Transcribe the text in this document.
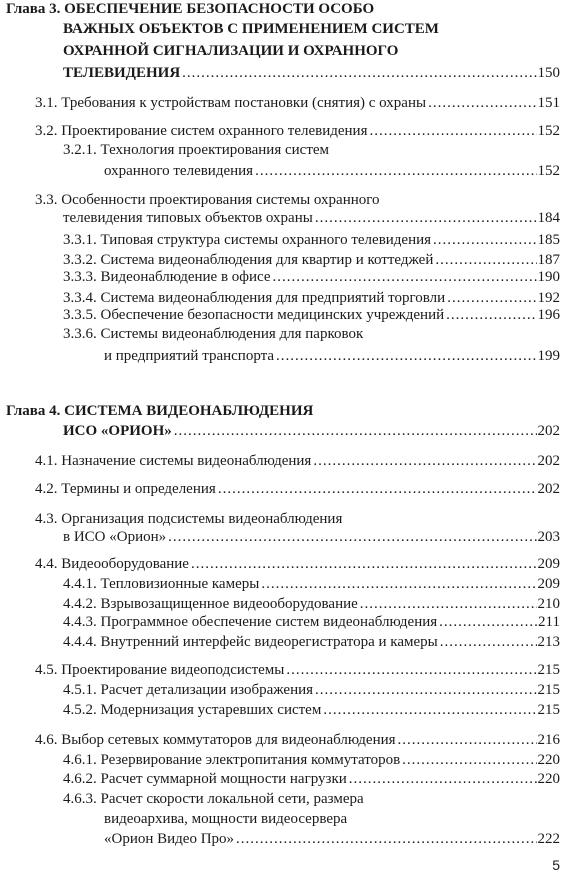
Глава 3. ОБЕСПЕЧЕНИЕ БЕЗОПАСНОСТИ ОСОБО
ВАЖНЫХ ОБЪЕКТОВ С ПРИМЕНЕНИЕМ СИСТЕМ
ОХРАННОЙ СИГНАЛИЗАЦИИ И ОХРАННОГО
ТЕЛЕВИДЕНИЯ .....	150
3.1. Требования к устройствам постановки (снятия) с охраны .....	151
3.2. Проектирование систем охранного телевидения .....	152
3.2.1. Технология проектирования систем
охранного телевидения .....	152
3.3. Особенности проектирования системы охранного
телевидения типовых объектов охраны .....	184
3.3.1. Типовая структура системы охранного телевидения .....	185
3.3.2. Система видеонаблюдения для квартир и коттеджей .....	187
3.3.3. Видеонаблюдение в офисе .....	190
3.3.4. Система видеонаблюдения для предприятий торговли .....	192
3.3.5. Обеспечение безопасности медицинских учреждений .....	196
3.3.6. Системы видеонаблюдения для парковок
и предприятий транспорта .....	199
Глава 4. СИСТЕМА ВИДЕОНАБЛЮДЕНИЯ
ИСО «ОРИОН» .....	202
4.1. Назначение системы видеонаблюдения .....	202
4.2. Термины и определения .....	202
4.3. Организация подсистемы видеонаблюдения
в ИСО «Орион» .....	203
4.4. Видеооборудование .....	209
4.4.1. Тепловизионные камеры .....	209
4.4.2. Взрывозащищенное видеооборудование .....	210
4.4.3. Программное обеспечение систем видеонаблюдения .....	211
4.4.4. Внутренний интерфейс видеорегистратора и камеры .....	213
4.5. Проектирование видеоподсистемы .....	215
4.5.1. Расчет детализации изображения .....	215
4.5.2. Модернизация устаревших систем .....	215
4.6. Выбор сетевых коммутаторов для видеонаблюдения .....	216
4.6.1. Резервирование электропитания коммутаторов .....	220
4.6.2. Расчет суммарной мощности нагрузки .....	220
4.6.3. Расчет скорости локальной сети, размера
видеоархива, мощности видеосервера
«Орион Видео Про» .....	222
5
